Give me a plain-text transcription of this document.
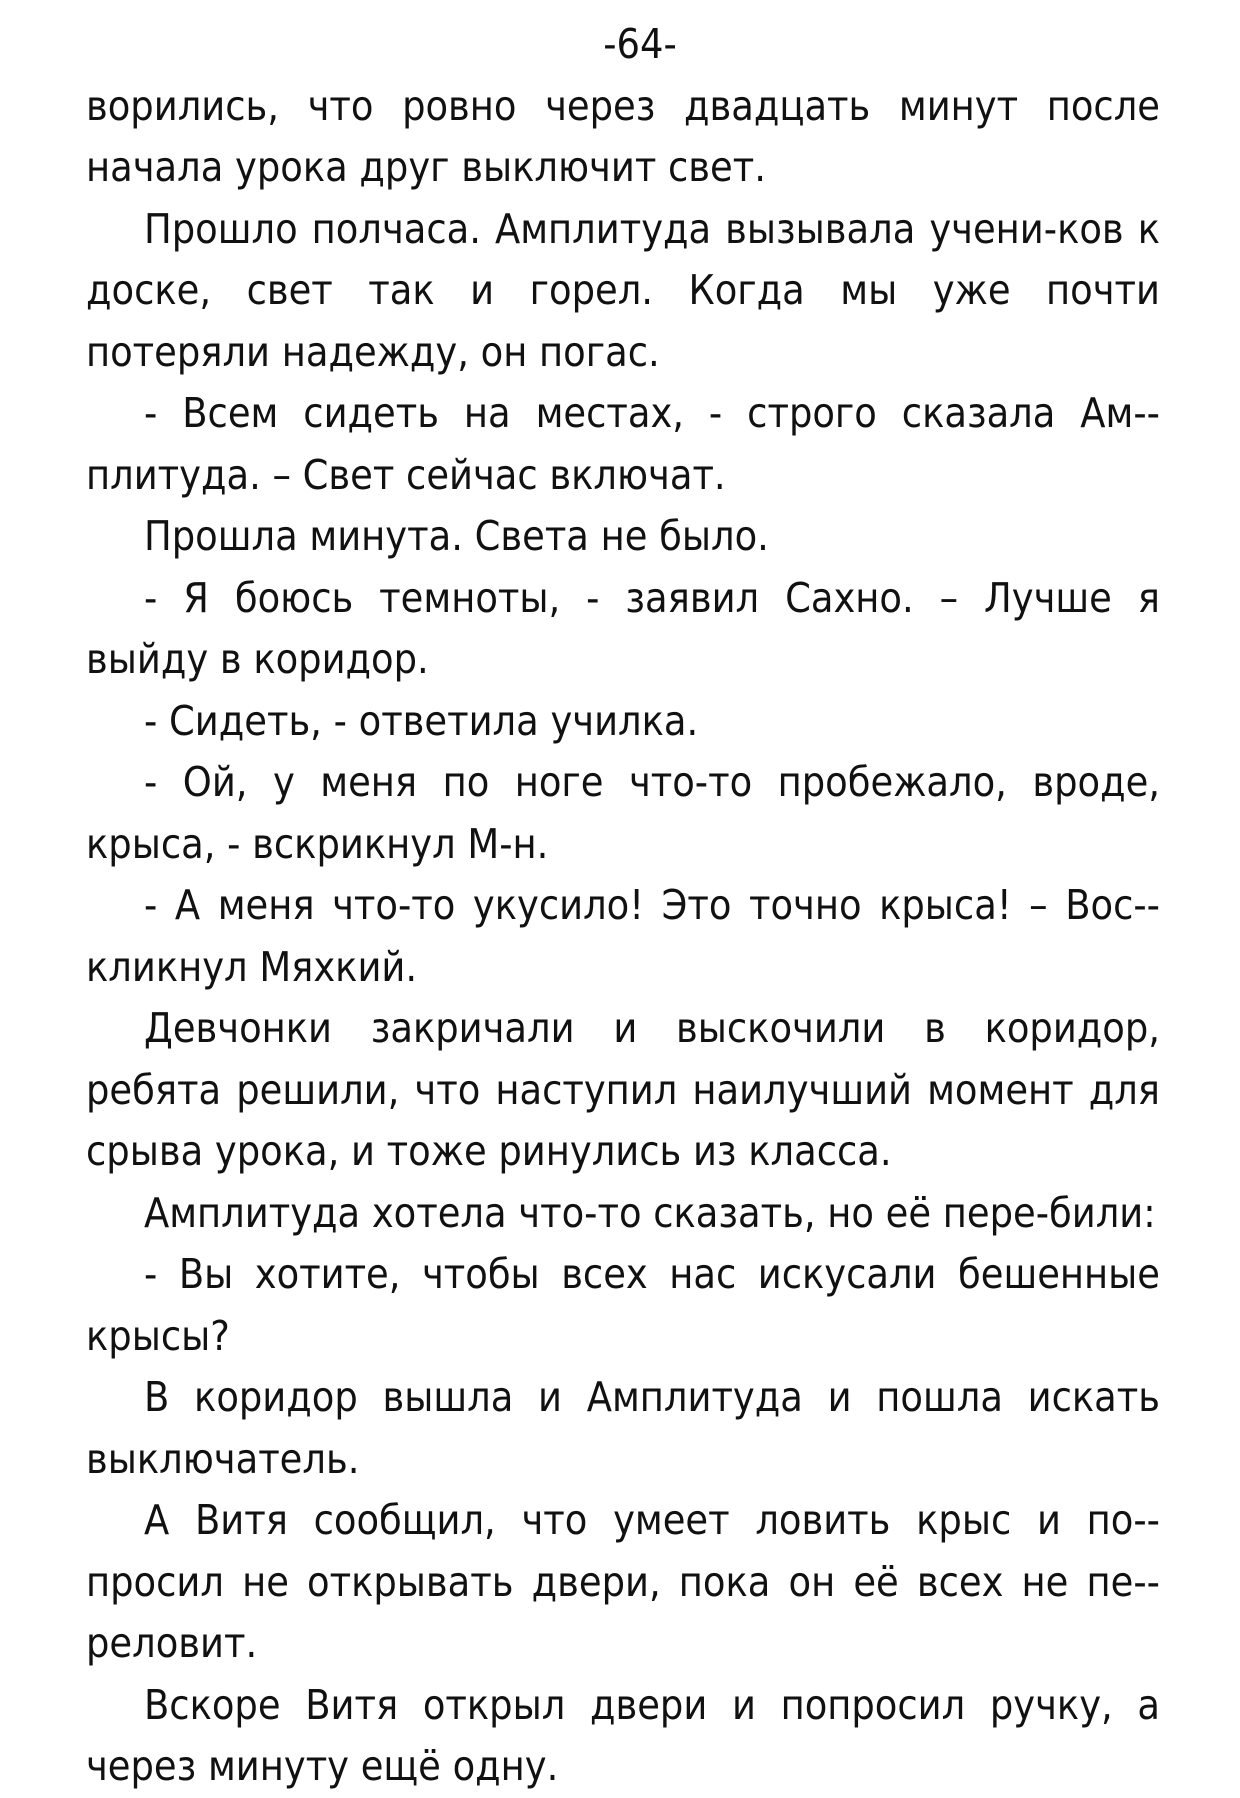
-64-

ворились, что ровно через двадцать минут после начала урока друг выключит свет.

Прошло полчаса. Амплитуда вызывала учени-ков к доске, свет так и горел. Когда мы уже почти потеряли надежду, он погас.

- Всем сидеть на местах, - строго сказала Ам-плитуда. – Свет сейчас включат.

Прошла минута. Света не было.

- Я боюсь темноты, - заявил Сахно. – Лучше я выйду в коридор.

- Сидеть, - ответила училка.

- Ой, у меня по ноге что-то пробежало, вроде, крыса, - вскрикнул М-н.

- А меня что-то укусило! Это точно крыса! – Вос-кликнул Мяхкий.

Девчонки закричали и выскочили в коридор, ребята решили, что наступил наилучший момент для срыва урока, и тоже ринулись из класса.

Амплитуда хотела что-то сказать, но её пере-били:

- Вы хотите, чтобы всех нас искусали бешенные крысы?

В коридор вышла и Амплитуда и пошла искать выключатель.

А Витя сообщил, что умеет ловить крыс и по-просил не открывать двери, пока он её всех не пе-реловит.

Вскоре Витя открыл двери и попросил ручку, а через минуту ещё одну.
